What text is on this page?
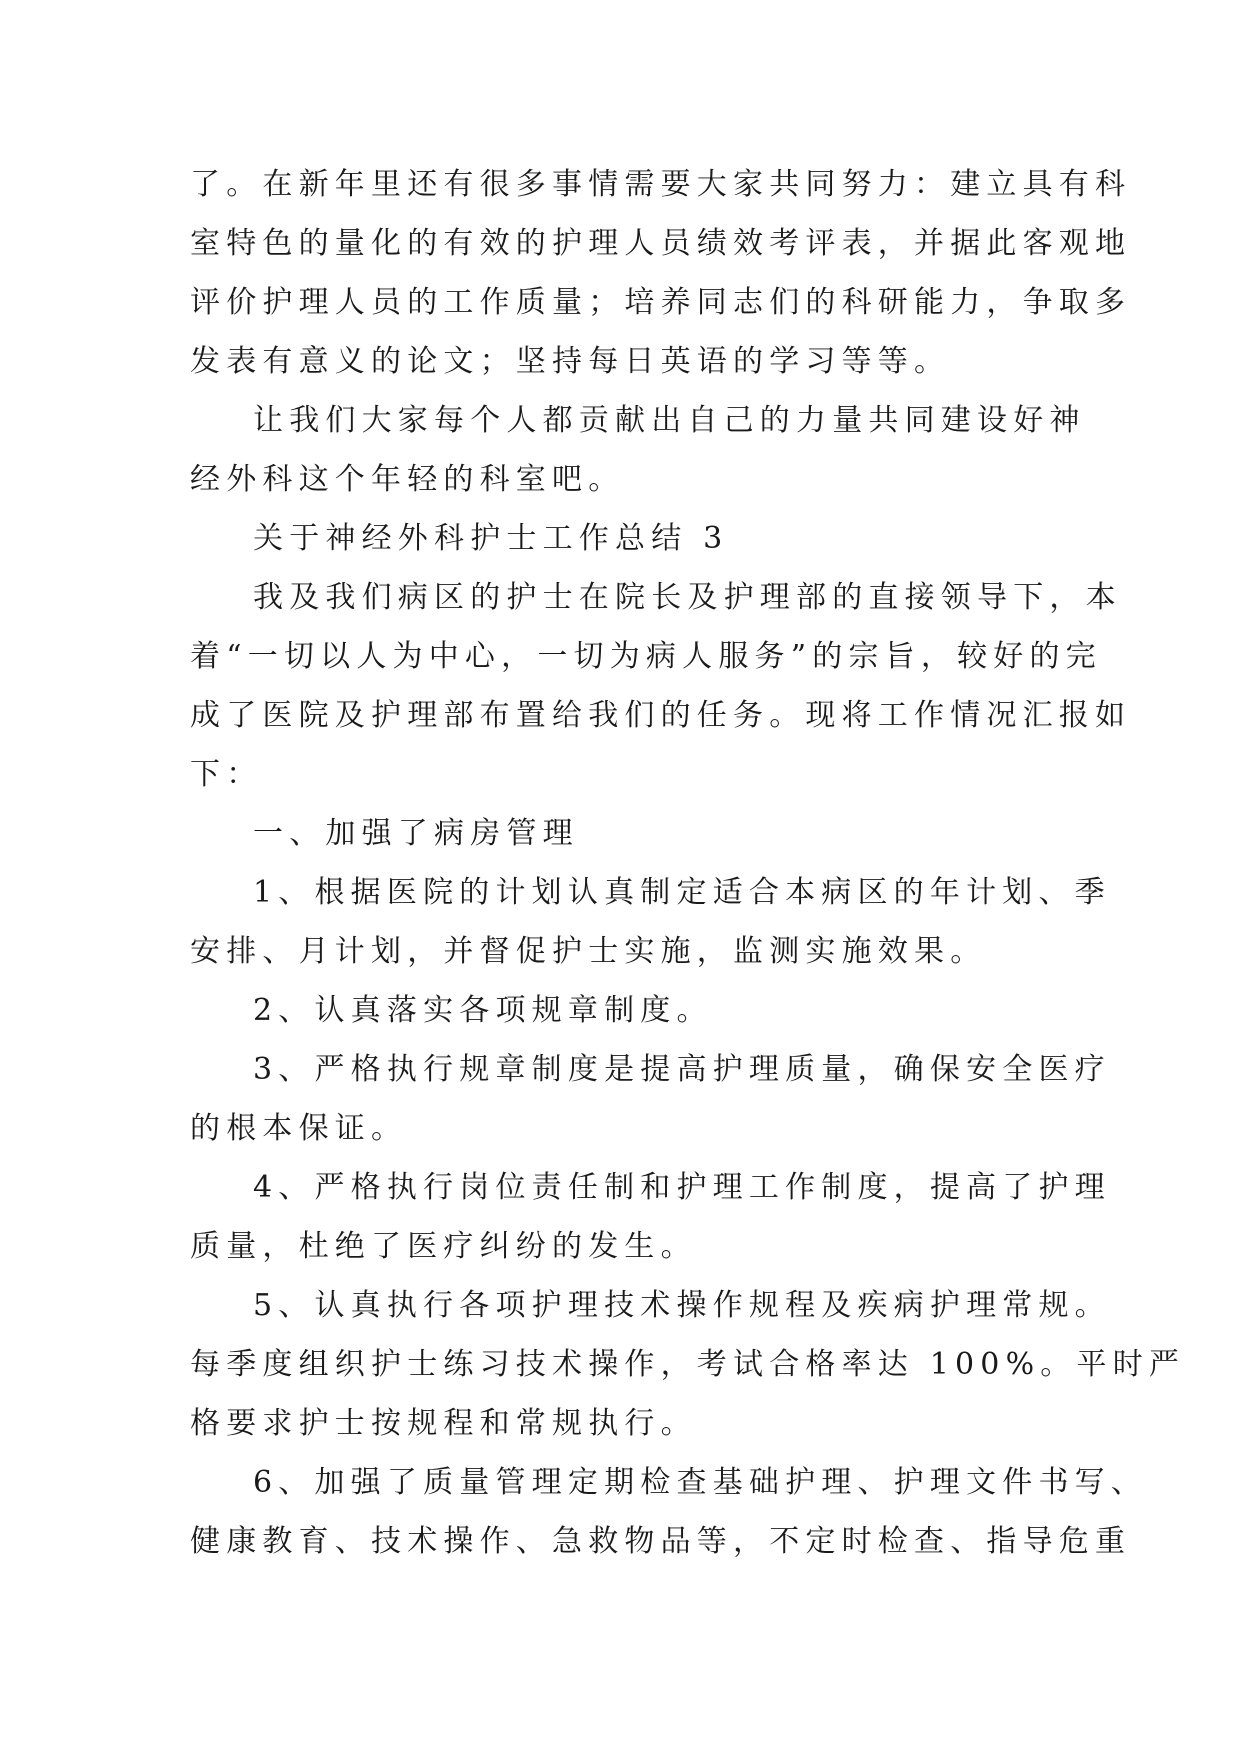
了。在新年里还有很多事情需要大家共同努力：建立具有科
室特色的量化的有效的护理人员绩效考评表，并据此客观地
评价护理人员的工作质量；培养同志们的科研能力，争取多
发表有意义的论文；坚持每日英语的学习等等。
让我们大家每个人都贡献出自己的力量共同建设好神
经外科这个年轻的科室吧。
关于神经外科护士工作总结 3
我及我们病区的护士在院长及护理部的直接领导下，本
着“一切以人为中心，一切为病人服务”的宗旨，较好的完
成了医院及护理部布置给我们的任务。现将工作情况汇报如
下：
一、加强了病房管理
1、根据医院的计划认真制定适合本病区的年计划、季
安排、月计划，并督促护士实施，监测实施效果。
2、认真落实各项规章制度。
3、严格执行规章制度是提高护理质量，确保安全医疗
的根本保证。
4、严格执行岗位责任制和护理工作制度，提高了护理
质量，杜绝了医疗纠纷的发生。
5、认真执行各项护理技术操作规程及疾病护理常规。
每季度组织护士练习技术操作，考试合格率达 100%。平时严
格要求护士按规程和常规执行。
6、加强了质量管理定期检查基础护理、护理文件书写、
健康教育、技术操作、急救物品等，不定时检查、指导危重
